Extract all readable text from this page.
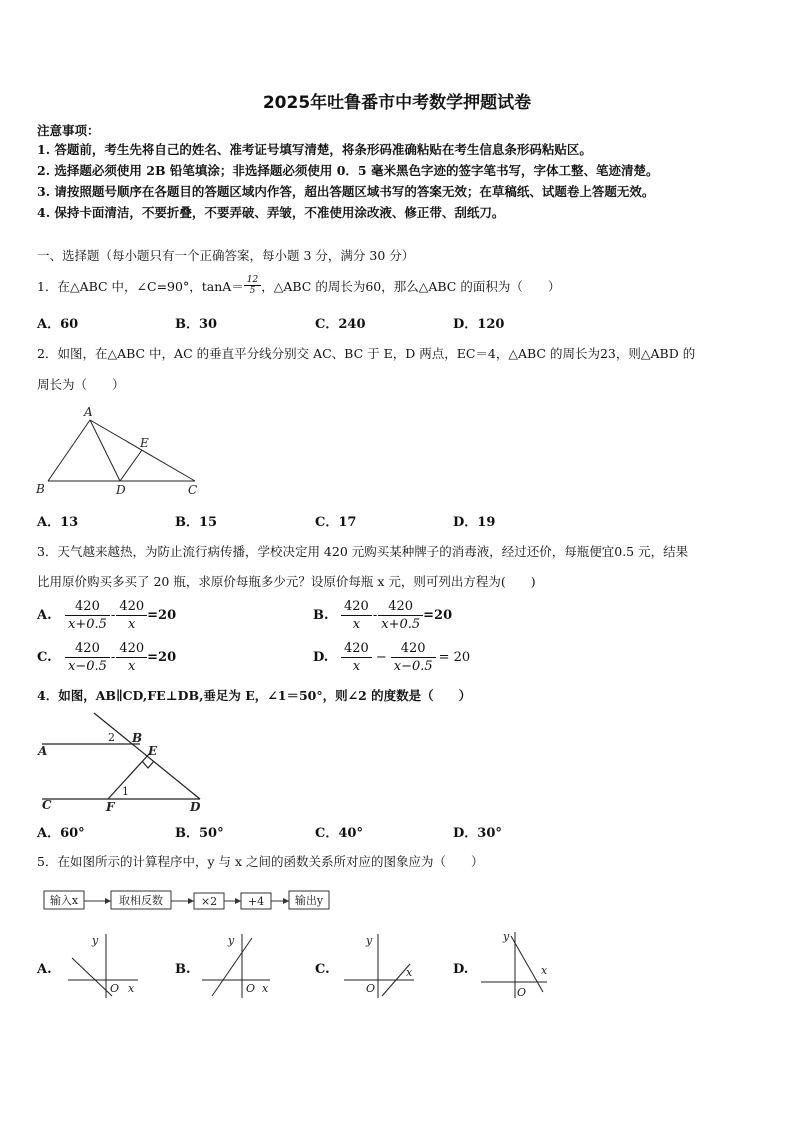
2025年吐鲁番市中考数学押题试卷
注意事项：
1. 答题前，考生先将自己的姓名、准考证号填写清楚，将条形码准确粘贴在考生信息条形码粘贴区。
2. 选择题必须使用 2B 铅笔填涂；非选择题必须使用 0．5 毫米黑色字迹的签字笔书写，字体工整、笔迹清楚。
3. 请按照题号顺序在各题目的答题区域内作答，超出答题区域书写的答案无效；在草稿纸、试题卷上答题无效。
4. 保持卡面清洁，不要折叠，不要弄破、弄皱，不准使用涂改液、修正带、刮纸刀。
一、选择题（每小题只有一个正确答案，每小题 3 分，满分 30 分）
1．在△ABC 中，∠C=90°，$\tan A= \frac{12}{5}$ ，△ABC 的周长为60，那么△ABC 的面积为（　　）
A．60	B．30	C．240	D．120
2．如图，在△ABC 中，AC 的垂直平分线分别交 AC、BC 于 E，D 两点，EC＝4，△ABC 的周长为23，则△ABD 的
周长为（　　）
A
B	C
D
E
A．13	B．15	C．17	D．19
3．天气越来越热，为防止流行病传播，学校决定用 420 元购买某种牌子的消毒液，经过还价，每瓶便宜0.5 元，结果
比用原价购买多买了 20 瓶，求原价每瓶多少元？设原价每瓶 x 元，则可列出方程为(　　)
A.	$\frac{420}{x+0.5} - \frac{420}{x} =20$	B. $\frac{420}{x} - \frac{420}{x+0.5} =20$
C.	$\frac{420}{x-0.5} - \frac{420}{x} =20$	D. $\frac{420}{x} - \frac{420}{x-0.5} = 20$
4．如图，AB∥CD,FE⊥DB,垂足为 E，∠1＝50°，则∠2 的度数是（　　）
A
B
C	D
E
F
1
2
A．60°	B．50°	C．40°	D．30°
5．在如图所示的计算程序中，y 与 x 之间的函数关系所对应的图象应为（　　）
输入x	取相反数	×2	+4	输出y
A.
y
x
O
B.
y
x
O
C.
y
x
O
D.
y
x
O
